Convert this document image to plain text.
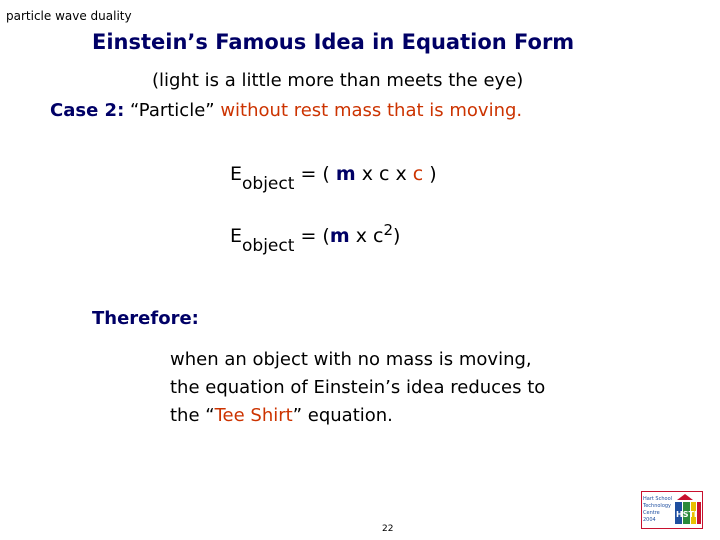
particle wave duality
Einstein’s Famous Idea in Equation Form
(light is a little more than meets the eye)
Case 2: “Particle” without rest mass that is moving.
Eobject = ( m x c x c )
Eobject = (m x $c^2$)
Therefore:
when an object with no mass is moving,
the equation of Einstein’s idea reduces to
the “Tee Shirt” equation.
22
Hart School
Technology
Centre
2004
HSTI
